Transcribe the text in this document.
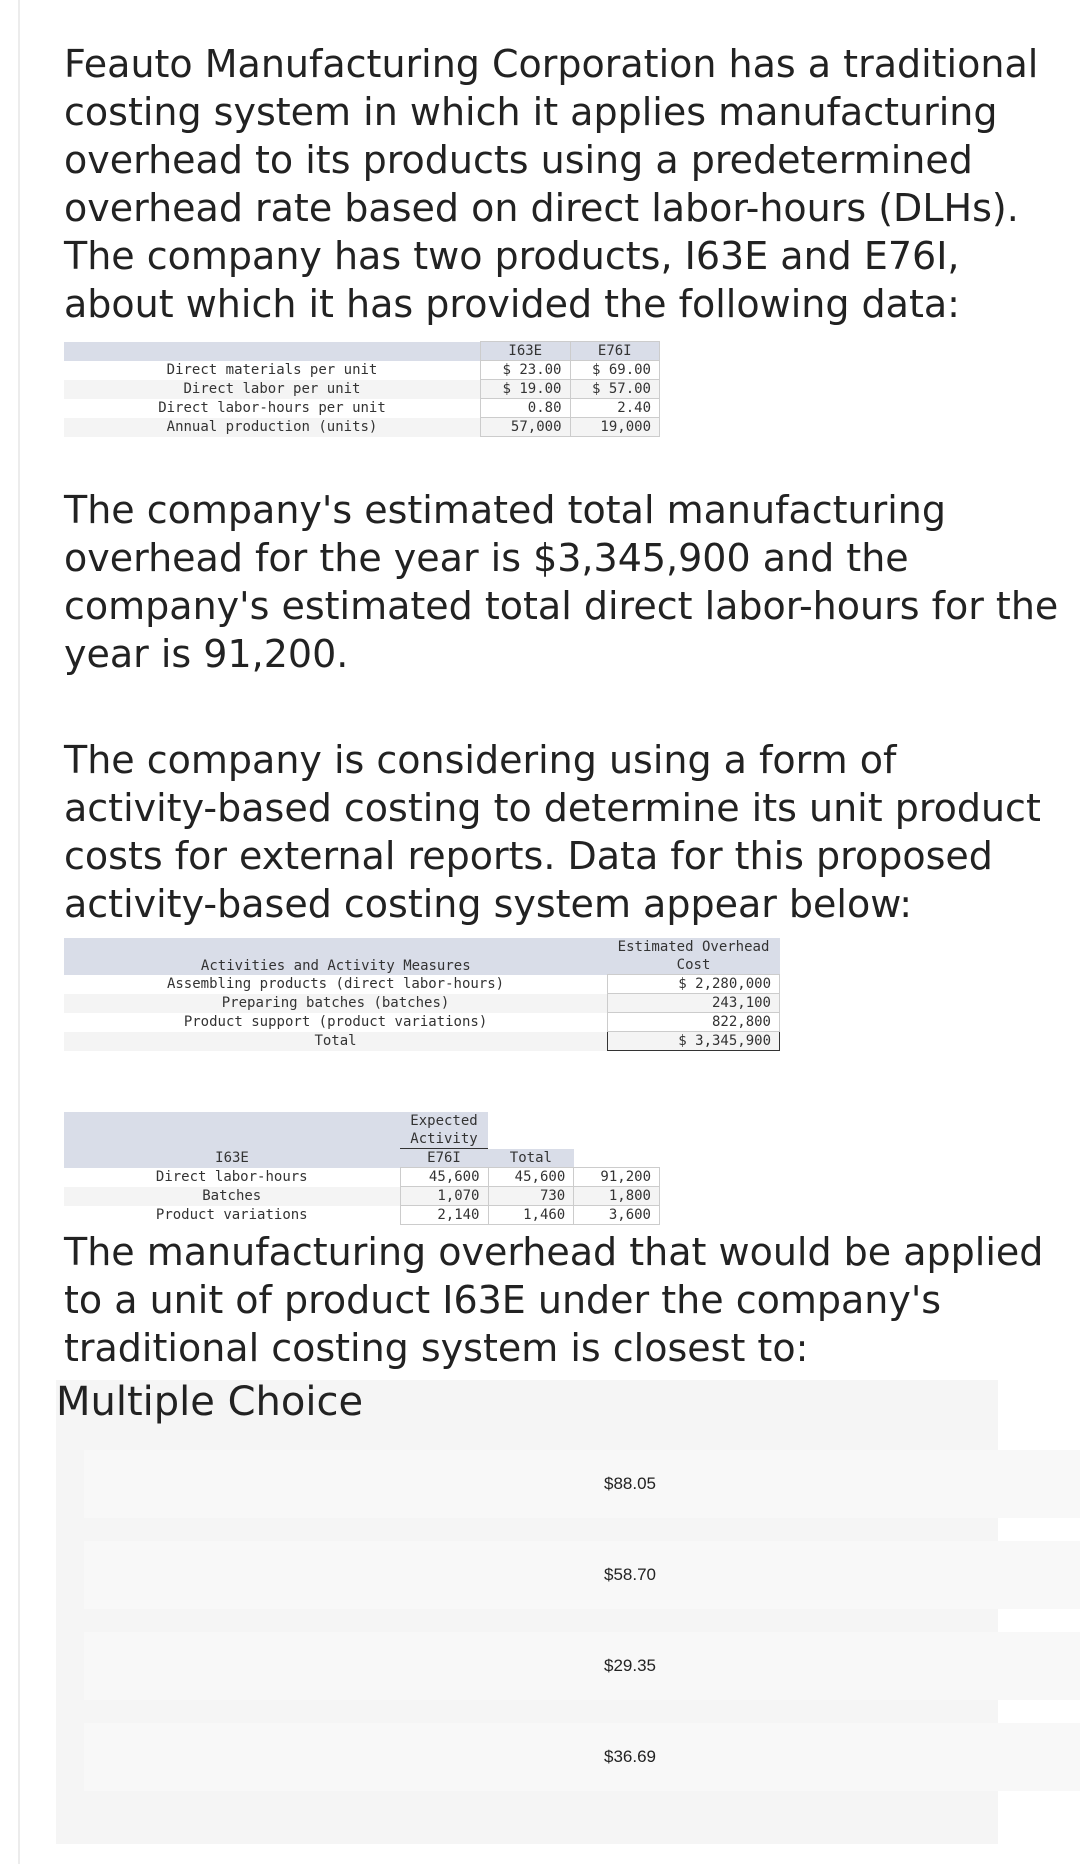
Feauto Manufacturing Corporation has a traditional costing system in which it applies manufacturing overhead to its products using a predetermined overhead rate based on direct labor-hours (DLHs). The company has two products, I63E and E76I, about which it has provided the following data:

	I63E	E76I
Direct materials per unit	$ 23.00	$ 69.00
Direct labor per unit	$ 19.00	$ 57.00
Direct labor-hours per unit	0.80	2.40
Annual production (units)	57,000	19,000

The company's estimated total manufacturing overhead for the year is $3,345,900 and the company's estimated total direct labor-hours for the year is 91,200.

The company is considering using a form of activity-based costing to determine its unit product costs for external reports. Data for this proposed activity-based costing system appear below:

Activities and Activity Measures	Estimated Overhead Cost
Assembling products (direct labor-hours)	$ 2,280,000
Preparing batches (batches)	243,100
Product support (product variations)	822,800
Total	$ 3,345,900
	Expected Activity		
I63E	E76I	Total	
Direct labor-hours	45,600	45,600	91,200
Batches	1,070	730	1,800
Product variations	2,140	1,460	3,600

The manufacturing overhead that would be applied to a unit of product I63E under the company's traditional costing system is closest to:

Multiple Choice
$88.05
$58.70
$29.35
$36.69
